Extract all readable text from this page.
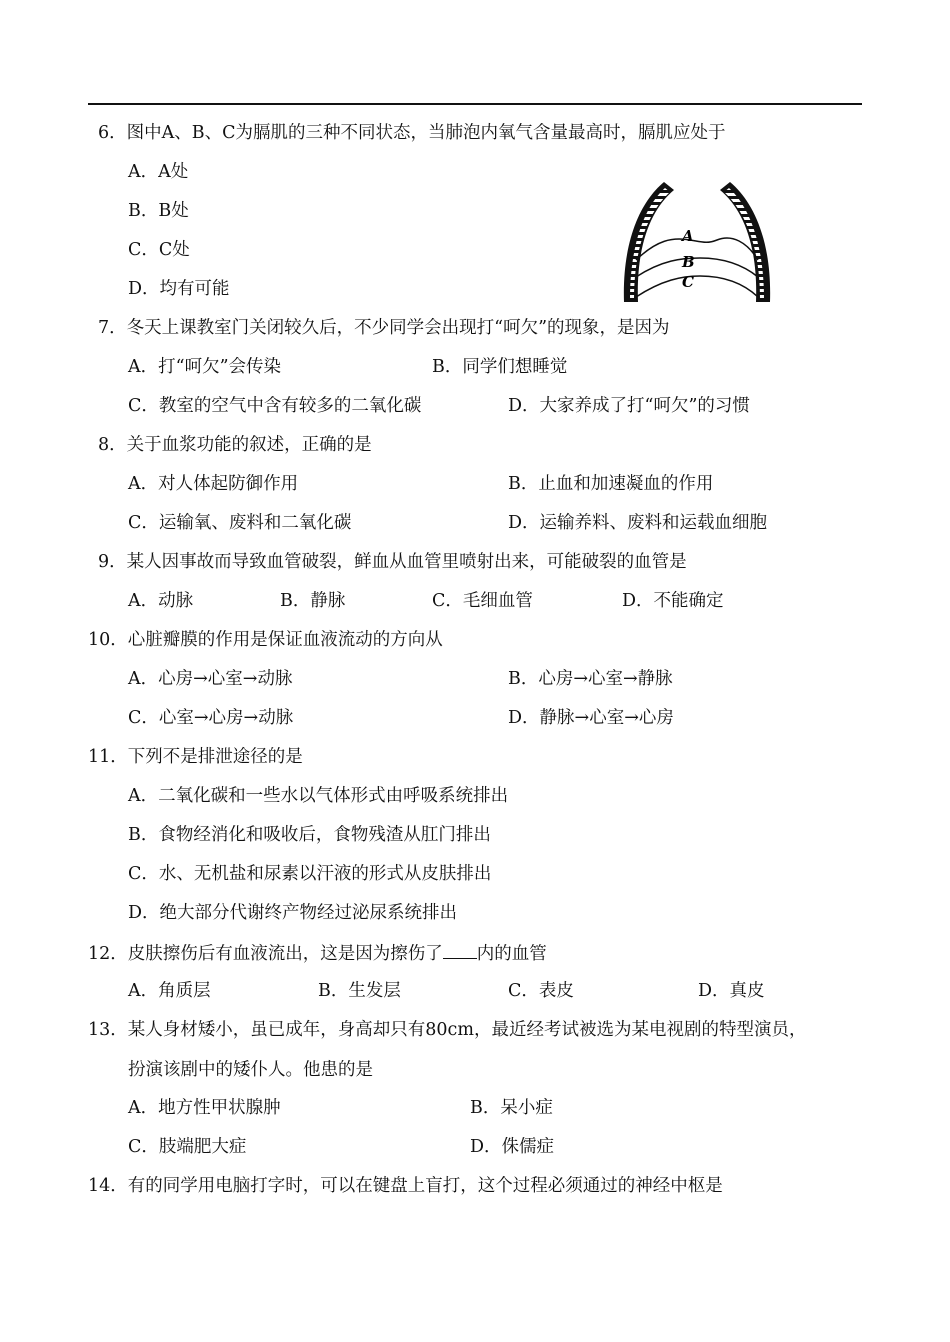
6．图中A、B、C为膈肌的三种不同状态，当肺泡内氧气含量最高时，膈肌应处于
A．A处
B．B处
C．C处
D．均有可能
A
B
C
7．冬天上课教室门关闭较久后，不少同学会出现打“呵欠”的现象，是因为
A．打“呵欠”会传染	B．同学们想睡觉
C．教室的空气中含有较多的二氧化碳	D．大家养成了打“呵欠”的习惯
8．关于血浆功能的叙述，正确的是
A．对人体起防御作用	B．止血和加速凝血的作用
C．运输氧、废料和二氧化碳	D．运输养料、废料和运载血细胞
9．某人因事故而导致血管破裂，鲜血从血管里喷射出来，可能破裂的血管是
A．动脉	B．静脉	C．毛细血管	D．不能确定
10．心脏瓣膜的作用是保证血液流动的方向从
A．心房→心室→动脉	B．心房→心室→静脉
C．心室→心房→动脉	D．静脉→心室→心房
11．下列不是排泄途径的是
A．二氧化碳和一些水以气体形式由呼吸系统排出
B．食物经消化和吸收后，食物残渣从肛门排出
C．水、无机盐和尿素以汗液的形式从皮肤排出
D．绝大部分代谢终产物经过泌尿系统排出
12．皮肤擦伤后有血液流出，这是因为擦伤了 内的血管
A．角质层	B．生发层	C．表皮	D．真皮
13．某人身材矮小，虽已成年，身高却只有80cm，最近经考试被选为某电视剧的特型演员，
扮演该剧中的矮仆人。他患的是
A．地方性甲状腺肿	B．呆小症
C．肢端肥大症	D．侏儒症
14．有的同学用电脑打字时，可以在键盘上盲打，这个过程必须通过的神经中枢是
